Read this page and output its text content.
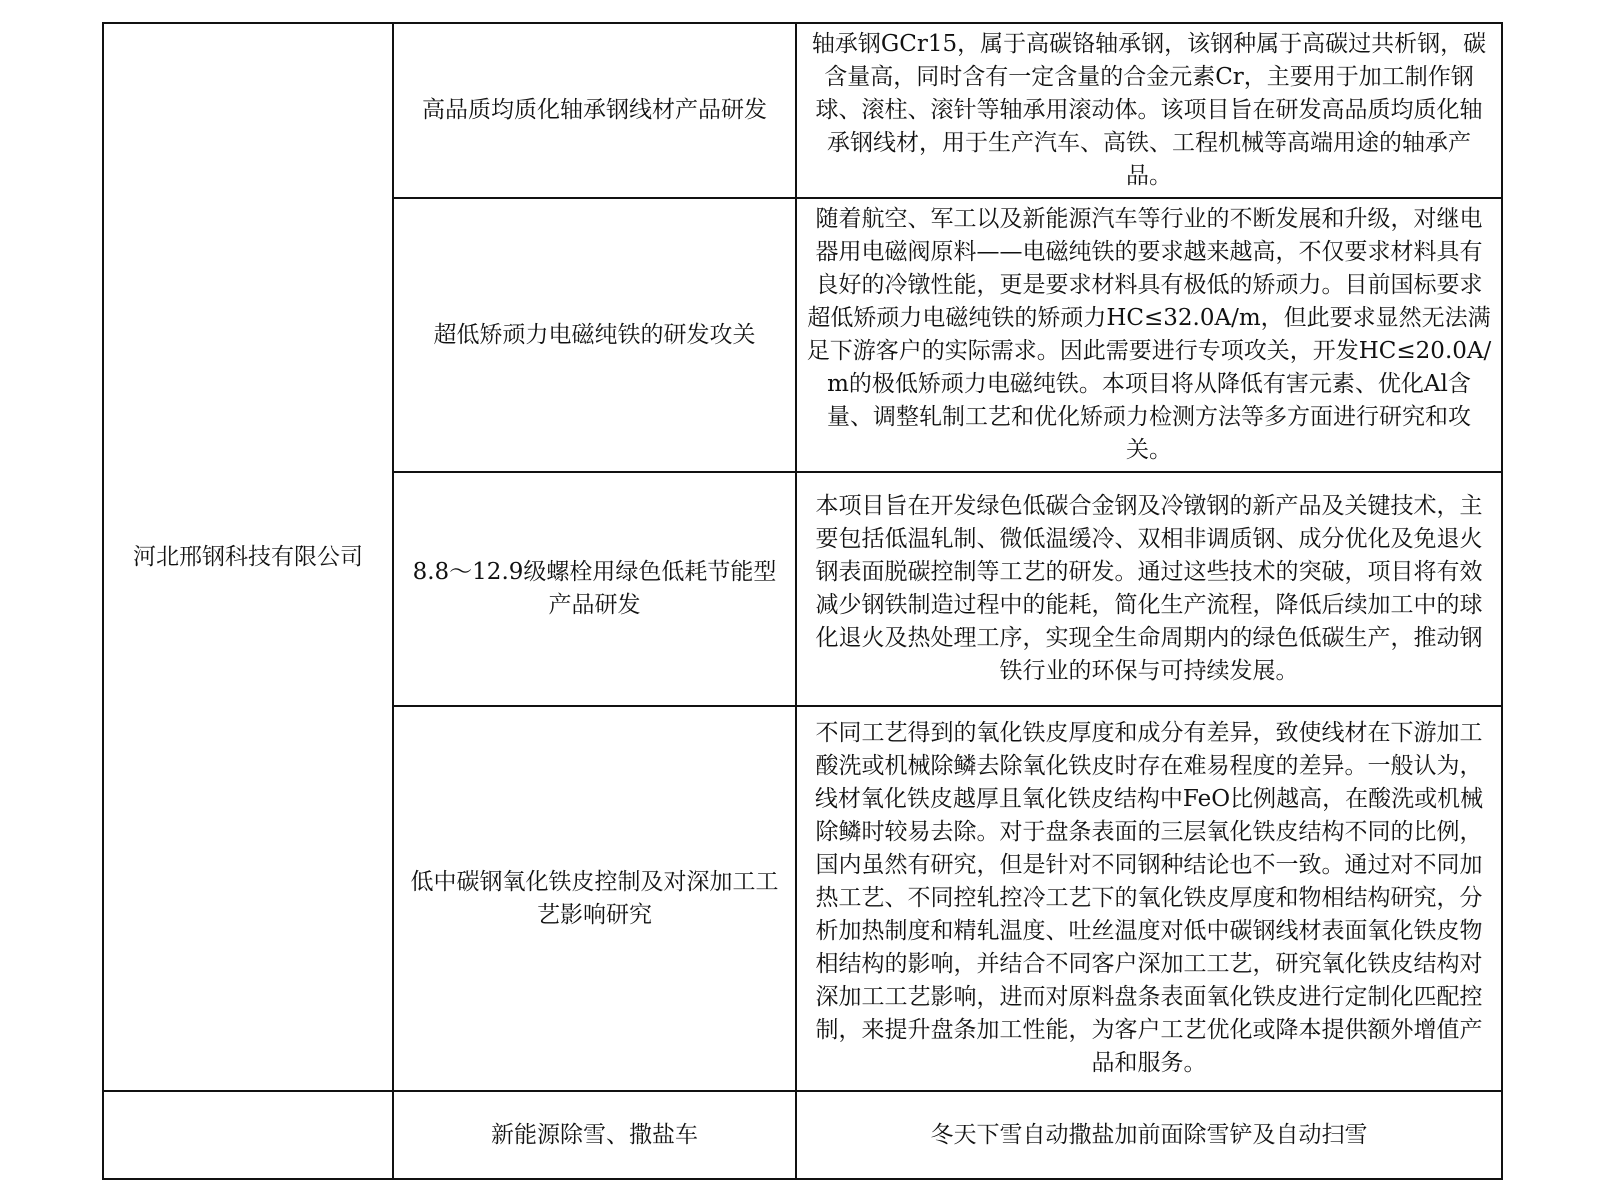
河北邢钢科技有限公司	高品质均质化轴承钢线材产品研发	轴承钢GCr15，属于高碳铬轴承钢，该钢种属于高碳过共析钢，碳含量高，同时含有一定含量的合金元素Cr，主要用于加工制作钢球、滚柱、滚针等轴承用滚动体。该项目旨在研发高品质均质化轴承钢线材，用于生产汽车、高铁、工程机械等高端用途的轴承产品。
	超低矫顽力电磁纯铁的研发攻关	随着航空、军工以及新能源汽车等行业的不断发展和升级，对继电器用电磁阀原料——电磁纯铁的要求越来越高，不仅要求材料具有良好的冷镦性能，更是要求材料具有极低的矫顽力。目前国标要求超低矫顽力电磁纯铁的矫顽力HC≤32.0A/m，但此要求显然无法满足下游客户的实际需求。因此需要进行专项攻关，开发HC≤20.0A/m的极低矫顽力电磁纯铁。本项目将从降低有害元素、优化Al含量、调整轧制工艺和优化矫顽力检测方法等多方面进行研究和攻关。
	8.8～12.9级螺栓用绿色低耗节能型产品研发	本项目旨在开发绿色低碳合金钢及冷镦钢的新产品及关键技术，主要包括低温轧制、微低温缓冷、双相非调质钢、成分优化及免退火钢表面脱碳控制等工艺的研发。通过这些技术的突破，项目将有效减少钢铁制造过程中的能耗，简化生产流程，降低后续加工中的球化退火及热处理工序，实现全生命周期内的绿色低碳生产，推动钢铁行业的环保与可持续发展。
	低中碳钢氧化铁皮控制及对深加工工艺影响研究	不同工艺得到的氧化铁皮厚度和成分有差异，致使线材在下游加工酸洗或机械除鳞去除氧化铁皮时存在难易程度的差异。一般认为，线材氧化铁皮越厚且氧化铁皮结构中FeO比例越高，在酸洗或机械除鳞时较易去除。对于盘条表面的三层氧化铁皮结构不同的比例，国内虽然有研究，但是针对不同钢种结论也不一致。通过对不同加热工艺、不同控轧控冷工艺下的氧化铁皮厚度和物相结构研究，分析加热制度和精轧温度、吐丝温度对低中碳钢线材表面氧化铁皮物相结构的影响，并结合不同客户深加工工艺，研究氧化铁皮结构对深加工工艺影响，进而对原料盘条表面氧化铁皮进行定制化匹配控制，来提升盘条加工性能，为客户工艺优化或降本提供额外增值产品和服务。
	新能源除雪、撒盐车	冬天下雪自动撒盐加前面除雪铲及自动扫雪
